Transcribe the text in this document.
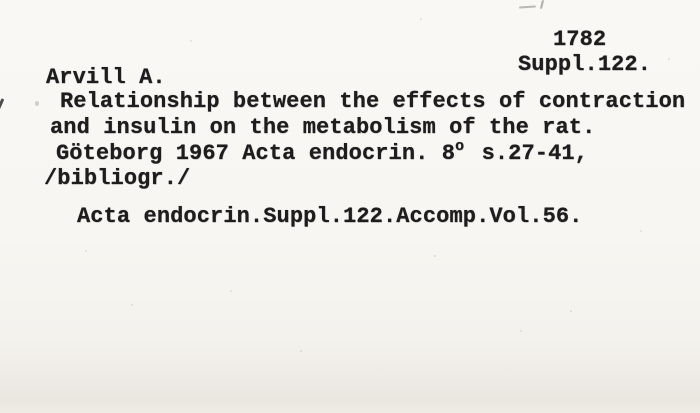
1782
Suppl.122.
Arvill A.
Relationship between the effects of contraction
and insulin on the metabolism of the rat.
Göteborg 1967 Acta endocrin. 8o s.27-41,
/bibliogr./
Acta endocrin.Suppl.122.Accomp.Vol.56.
